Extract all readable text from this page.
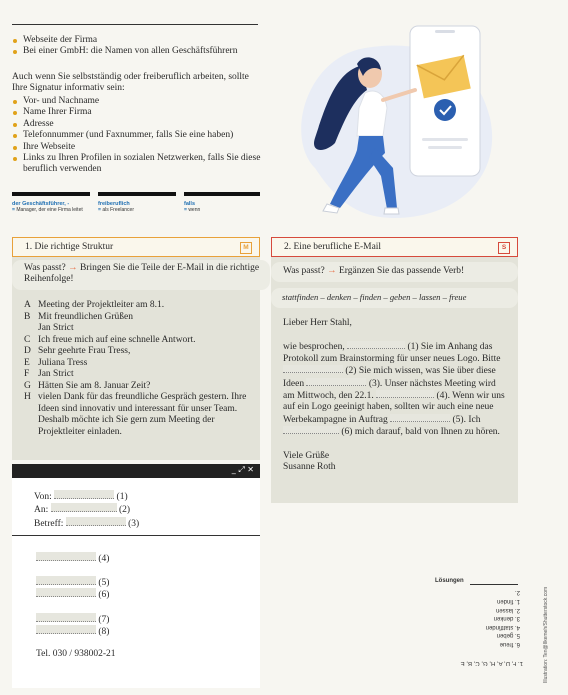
Webseite der Firma
Bei einer GmbH: die Namen von allen Geschäftsführern
Auch wenn Sie selbstständig oder freiberuflich arbeiten, sollte Ihre Signatur informativ sein:
Vor- und Nachname
Name Ihrer Firma
Adresse
Telefonnummer (und Faxnummer, falls Sie eine haben)
Ihre Webseite
Links zu Ihren Profilen in sozialen Netzwerken, falls Sie diese beruflich verwenden
der Geschäftsführer, -
= Manager, der eine Firma leitet
freiberuflich
= als Freelancer
falls
= wenn
1. Die richtige Struktur	M
Was passt? → Bringen Sie die Teile der E-Mail in die richtige Reihenfolge!
A Meeting der Projektleiter am 8.1.
B Mit freundlichen Grüßen
Jan Strict
C Ich freue mich auf eine schnelle Antwort.
D Sehr geehrte Frau Tress,
E Juliana Tress
F Jan Strict
G Hätten Sie am 8. Januar Zeit?
H vielen Dank für das freundliche Gespräch gestern. Ihre Ideen sind innovativ und interessant für unser Team. Deshalb möchte ich Sie gern zum Meeting der Projektleiter einladen.
_ ⤢ ✕
Von:	(1)
An:	(2)
Betreff:	(3)
(4)
(5)
(6)
(7)
(8)
Tel. 030 / 938002-21
2. Eine berufliche E-Mail	S
Was passt? → Ergänzen Sie das passende Verb!
stattfinden – denken – finden – geben – lassen – freue
Lieber Herr Stahl,
wie besprochen,	(1) Sie im Anhang das Protokoll zum Brainstorming für unser neues Logo. Bitte  (2) Sie mich wissen, was Sie über diese Ideen	(3). Unser nächstes Meeting wird am Mittwoch, den 22.1.	(4). Wenn wir uns auf ein Logo geeinigt haben, sollten wir auch eine neue Werbekampagne in Auftrag	(5). Ich  (6) mich darauf, bald von Ihnen zu hören.
Viele Grüße
Susanne Roth
Lösungen
6. freue
5. geben
4. stattfinden
3. denken
2. lassen
1. finden
2.
1. F, D, A, H, G, C, B, E	Illustration: Ten@Ilkemeh/Shutterstock.com
